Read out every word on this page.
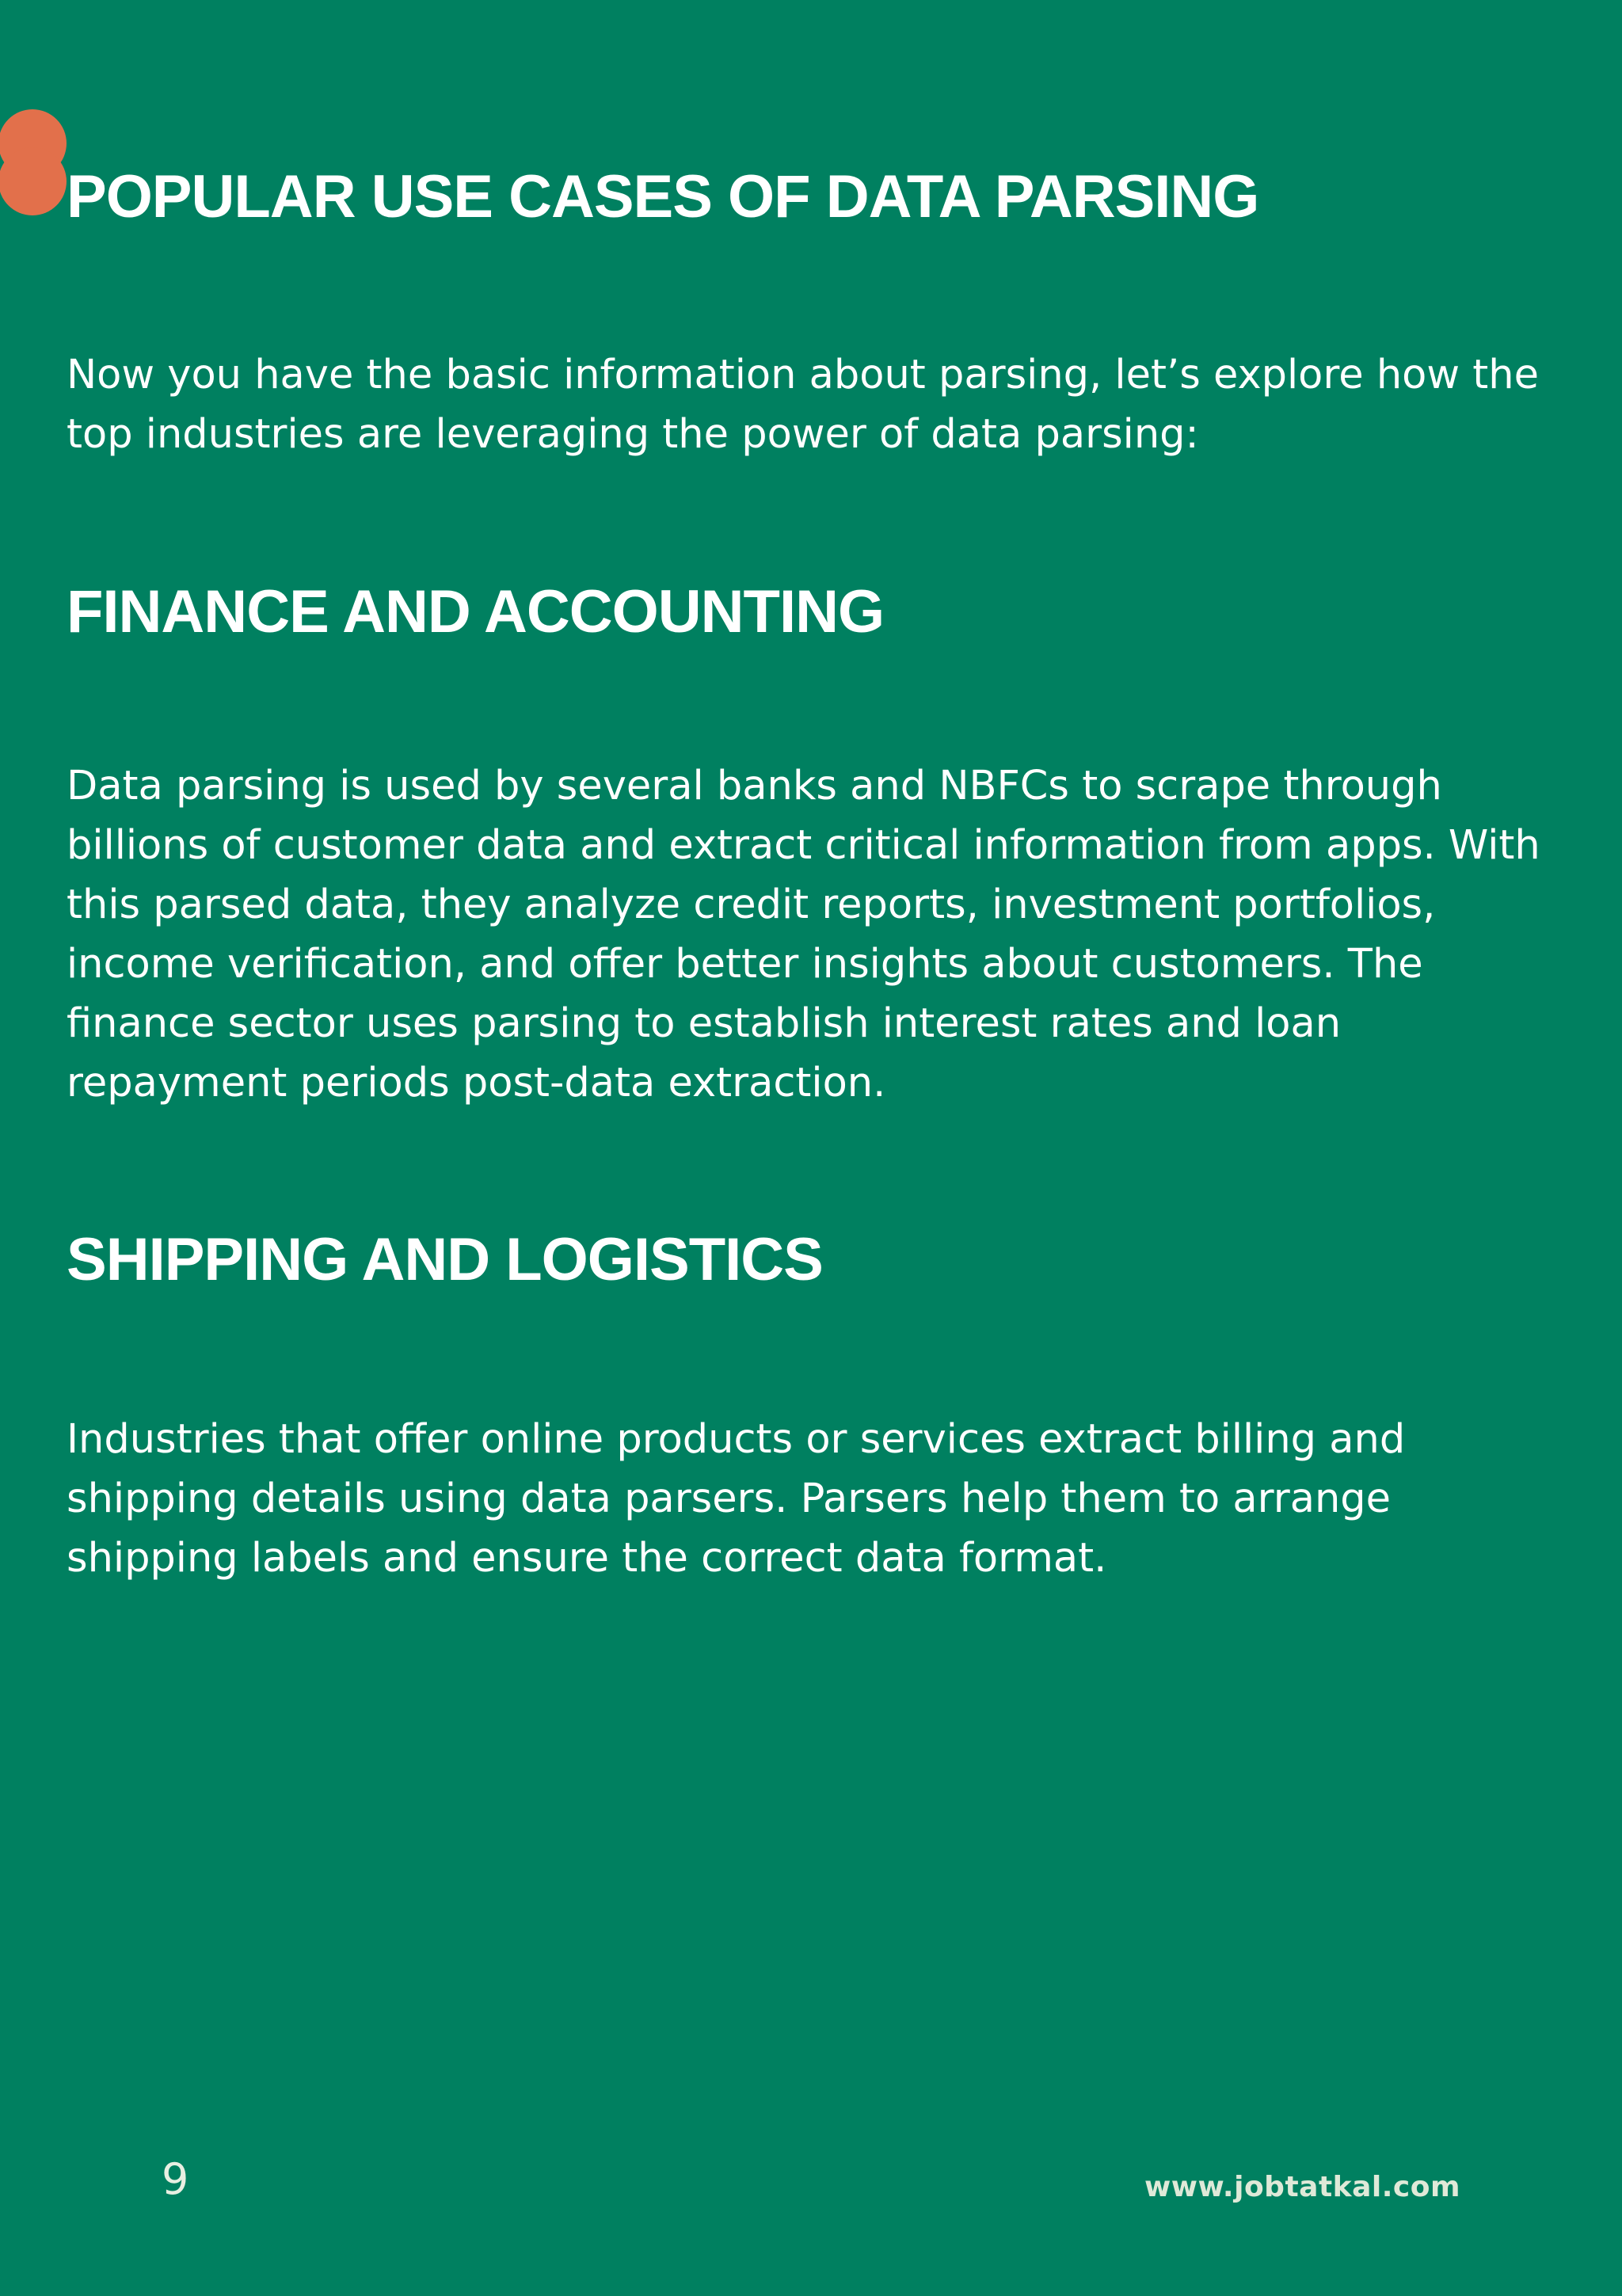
POPULAR USE CASES OF DATA PARSING

Now you have the basic information about parsing, let’s explore how the top industries are leveraging the power of data parsing:

FINANCE AND ACCOUNTING

Data parsing is used by several banks and NBFCs to scrape through billions of customer data and extract critical information from apps. With this parsed data, they analyze credit reports, investment portfolios, income verification, and offer better insights about customers. The finance sector uses parsing to establish interest rates and loan repayment periods post-data extraction.

SHIPPING AND LOGISTICS

Industries that offer online products or services extract billing and shipping details using data parsers. Parsers help them to arrange shipping labels and ensure the correct data format.

9	www.jobtatkal.com
